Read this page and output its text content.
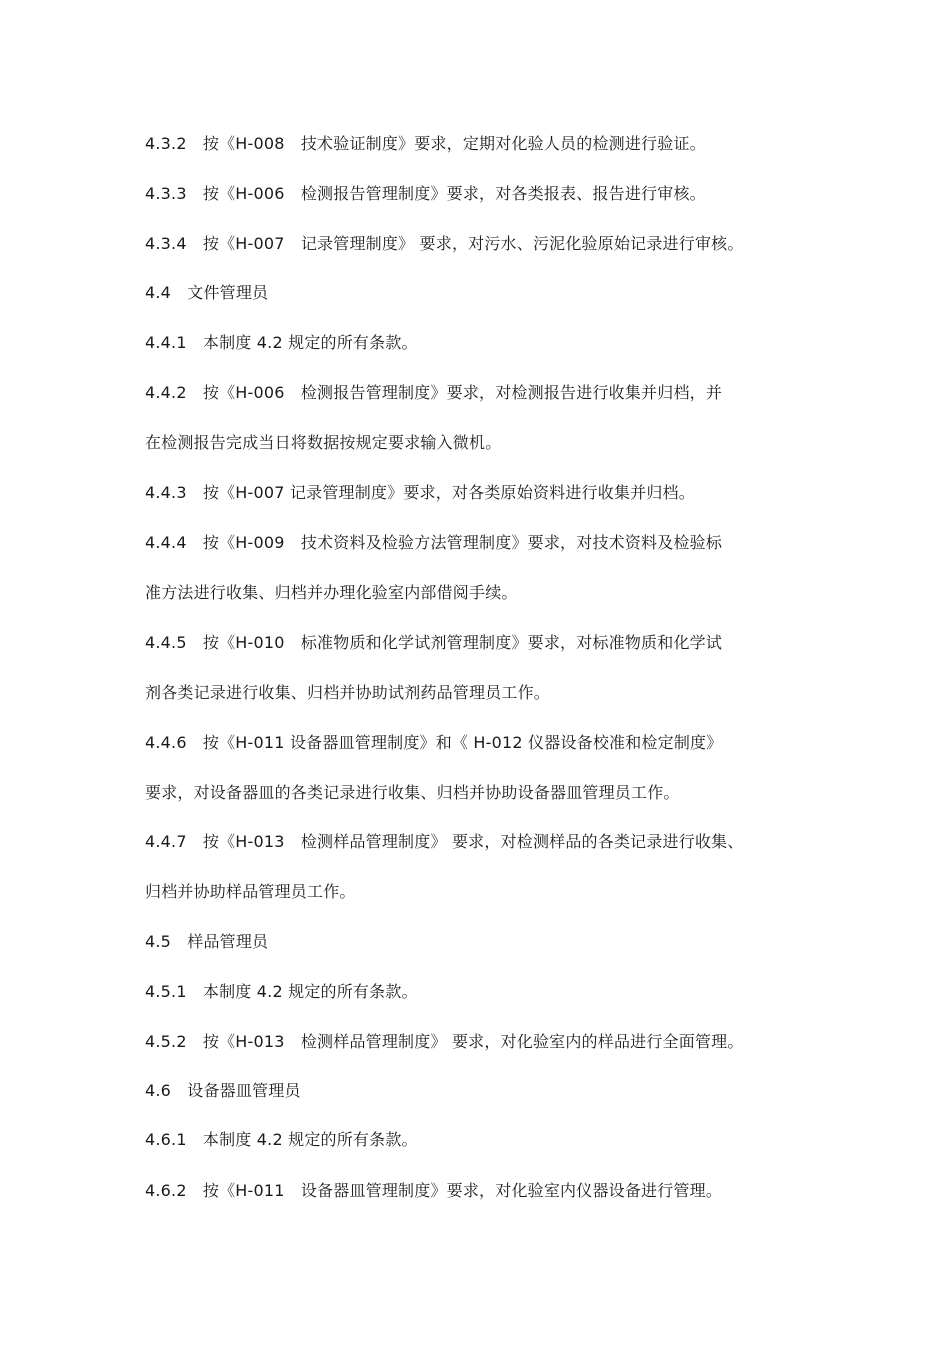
4.3.2　按《H-008　技术验证制度》要求，定期对化验人员的检测进行验证。
4.3.3　按《H-006　检测报告管理制度》要求，对各类报表、报告进行审核。
4.3.4　按《H-007　记录管理制度》 要求，对污水、污泥化验原始记录进行审核。
4.4　文件管理员
4.4.1　本制度 4.2 规定的所有条款。
4.4.2　按《H-006　检测报告管理制度》要求，对检测报告进行收集并归档，并
在检测报告完成当日将数据按规定要求输入微机。
4.4.3　按《H-007 记录管理制度》要求，对各类原始资料进行收集并归档。
4.4.4　按《H-009　技术资料及检验方法管理制度》要求，对技术资料及检验标
准方法进行收集、归档并办理化验室内部借阅手续。
4.4.5　按《H-010　标准物质和化学试剂管理制度》要求，对标准物质和化学试
剂各类记录进行收集、归档并协助试剂药品管理员工作。
4.4.6　按《H-011 设备器皿管理制度》和《 H-012 仪器设备校准和检定制度》
要求，对设备器皿的各类记录进行收集、归档并协助设备器皿管理员工作。
4.4.7　按《H-013　检测样品管理制度》 要求，对检测样品的各类记录进行收集、
归档并协助样品管理员工作。
4.5　样品管理员
4.5.1　本制度 4.2 规定的所有条款。
4.5.2　按《H-013　检测样品管理制度》 要求，对化验室内的样品进行全面管理。
4.6　设备器皿管理员
4.6.1　本制度 4.2 规定的所有条款。
4.6.2　按《H-011　设备器皿管理制度》要求，对化验室内仪器设备进行管理。
